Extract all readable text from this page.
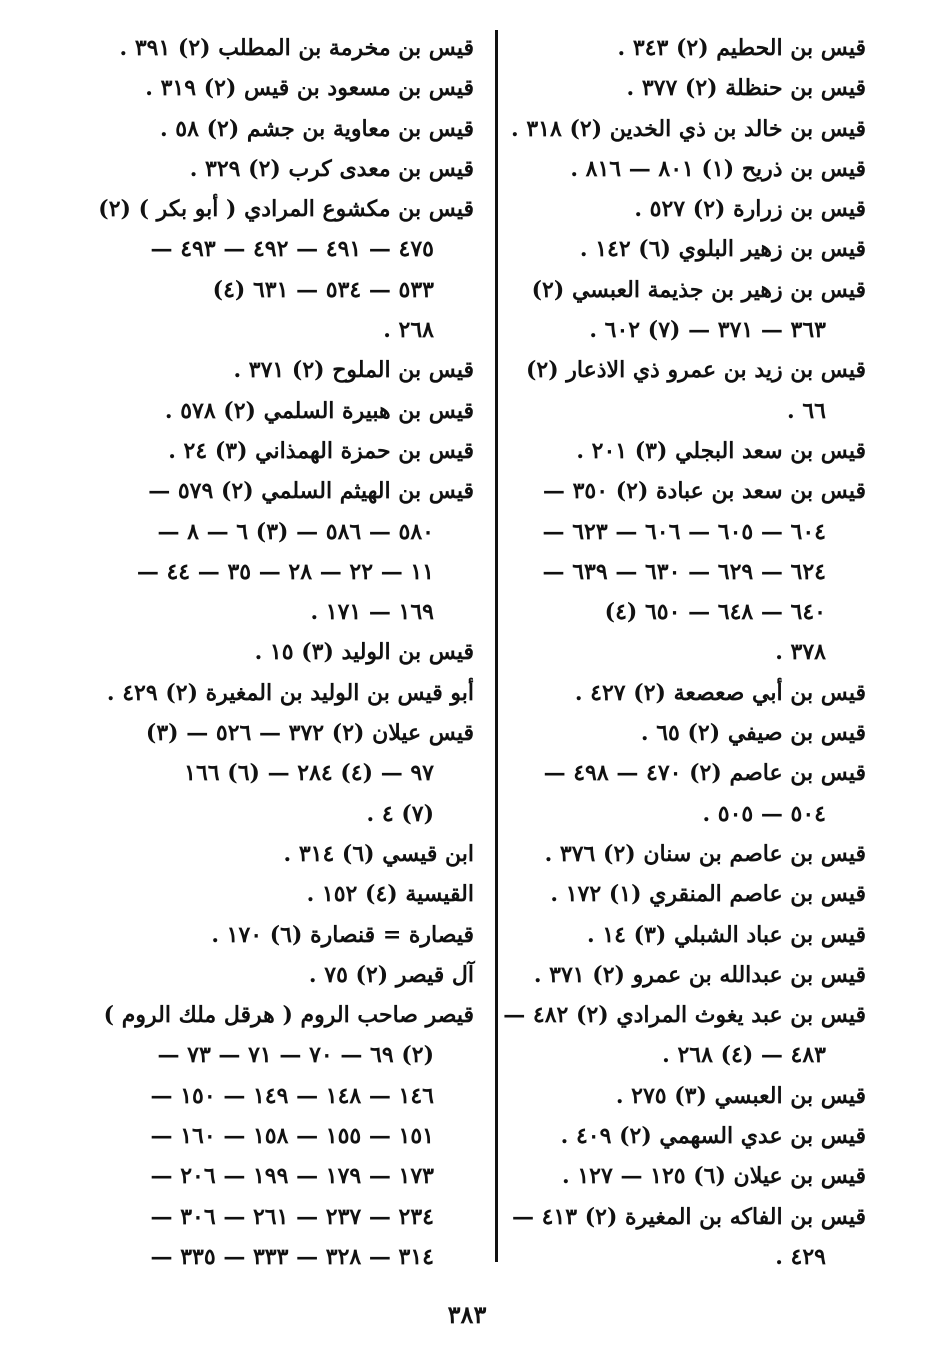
قيس بن الحطيم (٢) ٣٤٣ .
قيس بن حنظلة (٢) ٣٧٧ .
قيس بن خالد بن ذي الخدين (٢) ٣١٨ .
قيس بن ذريح (١) ٨٠١ — ٨١٦ .
قيس بن زرارة (٢) ٥٢٧ .
قيس بن زهير البلوي (٦) ١٤٢ .
قيس بن زهير بن جذيمة العبسي (٢)
٣٦٣ — ٣٧١ — (٧) ٦٠٢ .
قيس بن زيد بن عمرو ذي الاذعار (٢)
٦٦ .
قيس بن سعد البجلي (٣) ٢٠١ .
قيس بن سعد بن عبادة (٢) ٣٥٠ —
٦٠٤ — ٦٠٥ — ٦٠٦ — ٦٢٣ —
٦٢٤ — ٦٢٩ — ٦٣٠ — ٦٣٩ —
٦٤٠ — ٦٤٨ — ٦٥٠ (٤)
٣٧٨ .
قيس بن أبي صعصعة (٢) ٤٢٧ .
قيس بن صيفي (٢) ٦٥ .
قيس بن عاصم (٢) ٤٧٠ — ٤٩٨ —
٥٠٤ — ٥٠٥ .
قيس بن عاصم بن سنان (٢) ٣٧٦ .
قيس بن عاصم المنقري (١) ١٧٢ .
قيس بن عباد الشبلي (٣) ١٤ .
قيس بن عبدالله بن عمرو (٢) ٣٧١ .
قيس بن عبد يغوث المرادي (٢) ٤٨٢ —
٤٨٣ — (٤) ٢٦٨ .
قيس بن العبسي (٣) ٢٧٥ .
قيس بن عدي السهمي (٢) ٤٠٩ .
قيس بن عيلان (٦) ١٢٥ — ١٢٧ .
قيس بن الفاكه بن المغيرة (٢) ٤١٣ —
٤٢٩ .
قيس بن مخرمة بن المطلب (٢) ٣٩١ .
قيس بن مسعود بن قيس (٢) ٣١٩ .
قيس بن معاوية بن جشم (٢) ٥٨ .
قيس بن معدى كرب (٢) ٣٢٩ .
قيس بن مكشوع المرادي ( أبو بكر ) (٢)
٤٧٥ — ٤٩١ — ٤٩٢ — ٤٩٣ —
٥٣٣ — ٥٣٤ — ٦٣١ (٤)
٢٦٨ .
قيس بن الملوح (٢) ٣٧١ .
قيس بن هبيرة السلمي (٢) ٥٧٨ .
قيس بن حمزة الهمذاني (٣) ٢٤ .
قيس بن الهيثم السلمي (٢) ٥٧٩ —
٥٨٠ — ٥٨٦ — (٣) ٦ — ٨ —
١١ — ٢٢ — ٢٨ — ٣٥ — ٤٤ —
١٦٩ — ١٧١ .
قيس بن الوليد (٣) ١٥ .
أبو قيس بن الوليد بن المغيرة (٢) ٤٢٩ .
قيس عيلان (٢) ٣٧٢ — ٥٢٦ — (٣)
٩٧ — (٤) ٢٨٤ — (٦) ١٦٦
(٧) ٤ .
ابن قيسي (٦) ٣١٤ .
القيسية (٤) ١٥٢ .
قيصارة = قنصارة (٦) ١٧٠ .
آل قيصر (٢) ٧٥ .
قيصر صاحب الروم ( هرقل ملك الروم )
(٢) ٦٩ — ٧٠ — ٧١ — ٧٣ —
١٤٦ — ١٤٨ — ١٤٩ — ١٥٠ —
١٥١ — ١٥٥ — ١٥٨ — ١٦٠ —
١٧٣ — ١٧٩ — ١٩٩ — ٢٠٦ —
٢٣٤ — ٢٣٧ — ٢٦١ — ٣٠٦ —
٣١٤ — ٣٢٨ — ٣٣٣ — ٣٣٥ —
٣٨٣
